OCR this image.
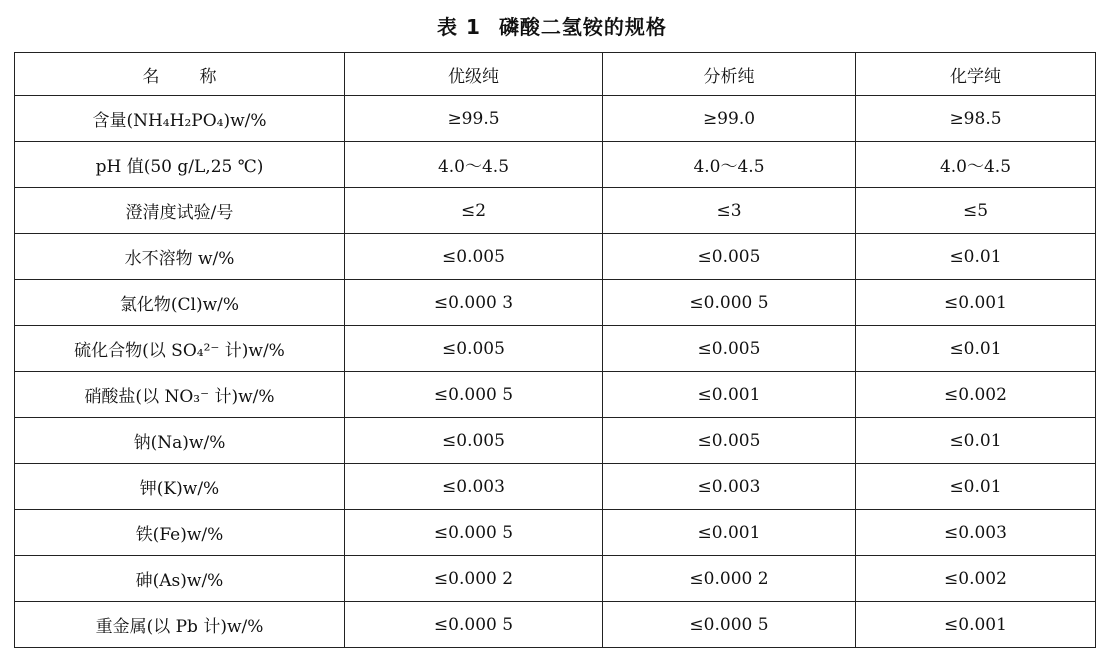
表 1 磷酸二氢铵的规格
名称	优级纯	分析纯	化学纯
含量(NH₄H₂PO₄)w/%	≥99.5	≥99.0	≥98.5
pH 值(50 g/L,25 ℃)	4.0～4.5	4.0～4.5	4.0～4.5
澄清度试验/号	≤2	≤3	≤5
水不溶物 w/%	≤0.005	≤0.005	≤0.01
氯化物(Cl)w/%	≤0.000 3	≤0.000 5	≤0.001
硫化合物(以 SO₄²⁻ 计)w/%	≤0.005	≤0.005	≤0.01
硝酸盐(以 NO₃⁻ 计)w/%	≤0.000 5	≤0.001	≤0.002
钠(Na)w/%	≤0.005	≤0.005	≤0.01
钾(K)w/%	≤0.003	≤0.003	≤0.01
铁(Fe)w/%	≤0.000 5	≤0.001	≤0.003
砷(As)w/%	≤0.000 2	≤0.000 2	≤0.002
重金属(以 Pb 计)w/%	≤0.000 5	≤0.000 5	≤0.001
